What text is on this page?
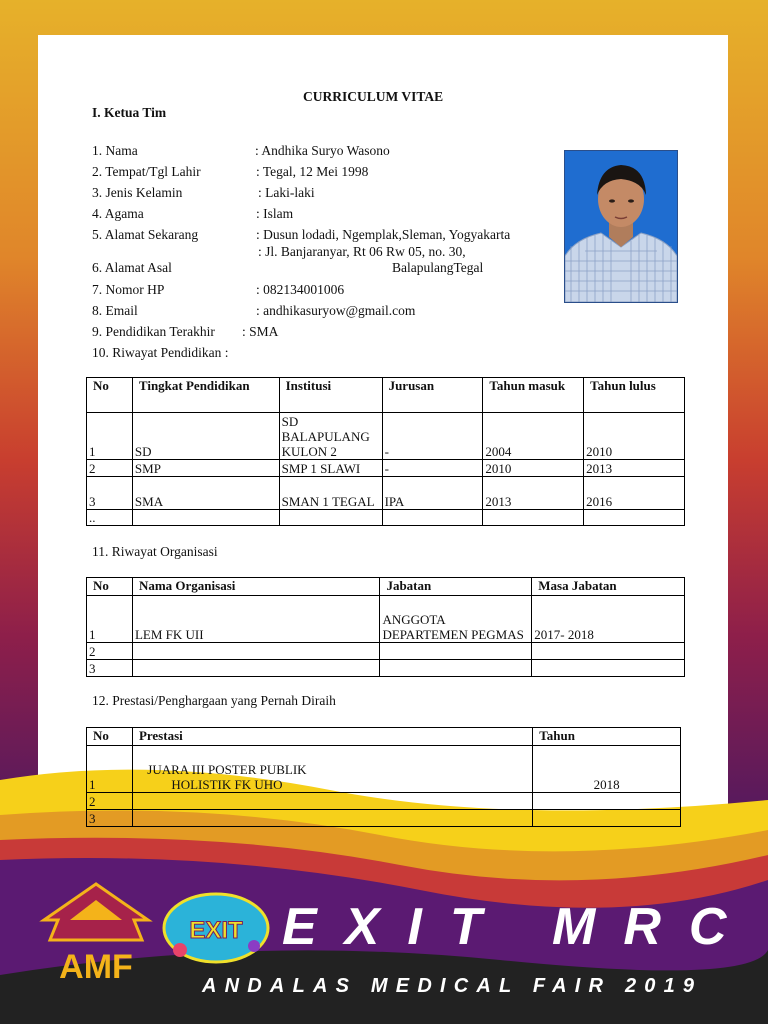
CURRICULUM VITAE
I. Ketua Tim
1. Nama	: Andhika Suryo Wasono
2. Tempat/Tgl Lahir	: Tegal, 12 Mei 1998
3. Jenis Kelamin	: Laki-laki
4. Agama	: Islam
5. Alamat Sekarang	: Dusun lodadi, Ngemplak,Sleman, Yogyakarta
: Jl. Banjaranyar, Rt 06 Rw 05, no. 30,
6. Alamat Asal	BalapulangTegal
7. Nomor HP	: 082134001006
8. Email	: andhikasuryow@gmail.com
9. Pendidikan Terakhir : SMA
10. Riwayat Pendidikan :
No	Tingkat Pendidikan	Institusi	Jurusan	Tahun masuk	Tahun lulus
1	SD	SD BALAPULANG KULON 2	-	2004	2010
2	SMP	SMP 1 SLAWI	-	2010	2013
3	SMA	SMAN 1 TEGAL	IPA	2013	2016
..					
11. Riwayat Organisasi
No	Nama Organisasi	Jabatan	Masa Jabatan
1	LEM FK UII	ANGGOTA DEPARTEMEN PEGMAS	2017- 2018
2			
3			
12. Prestasi/Penghargaan yang Pernah Diraih
No	Prestasi	Tahun
1	JUARA III POSTER PUBLIK HOLISTIK FK UHO	2018
2		
3		
AMF
EXIT EXIT MRC
ANDALAS MEDICAL FAIR 2019
